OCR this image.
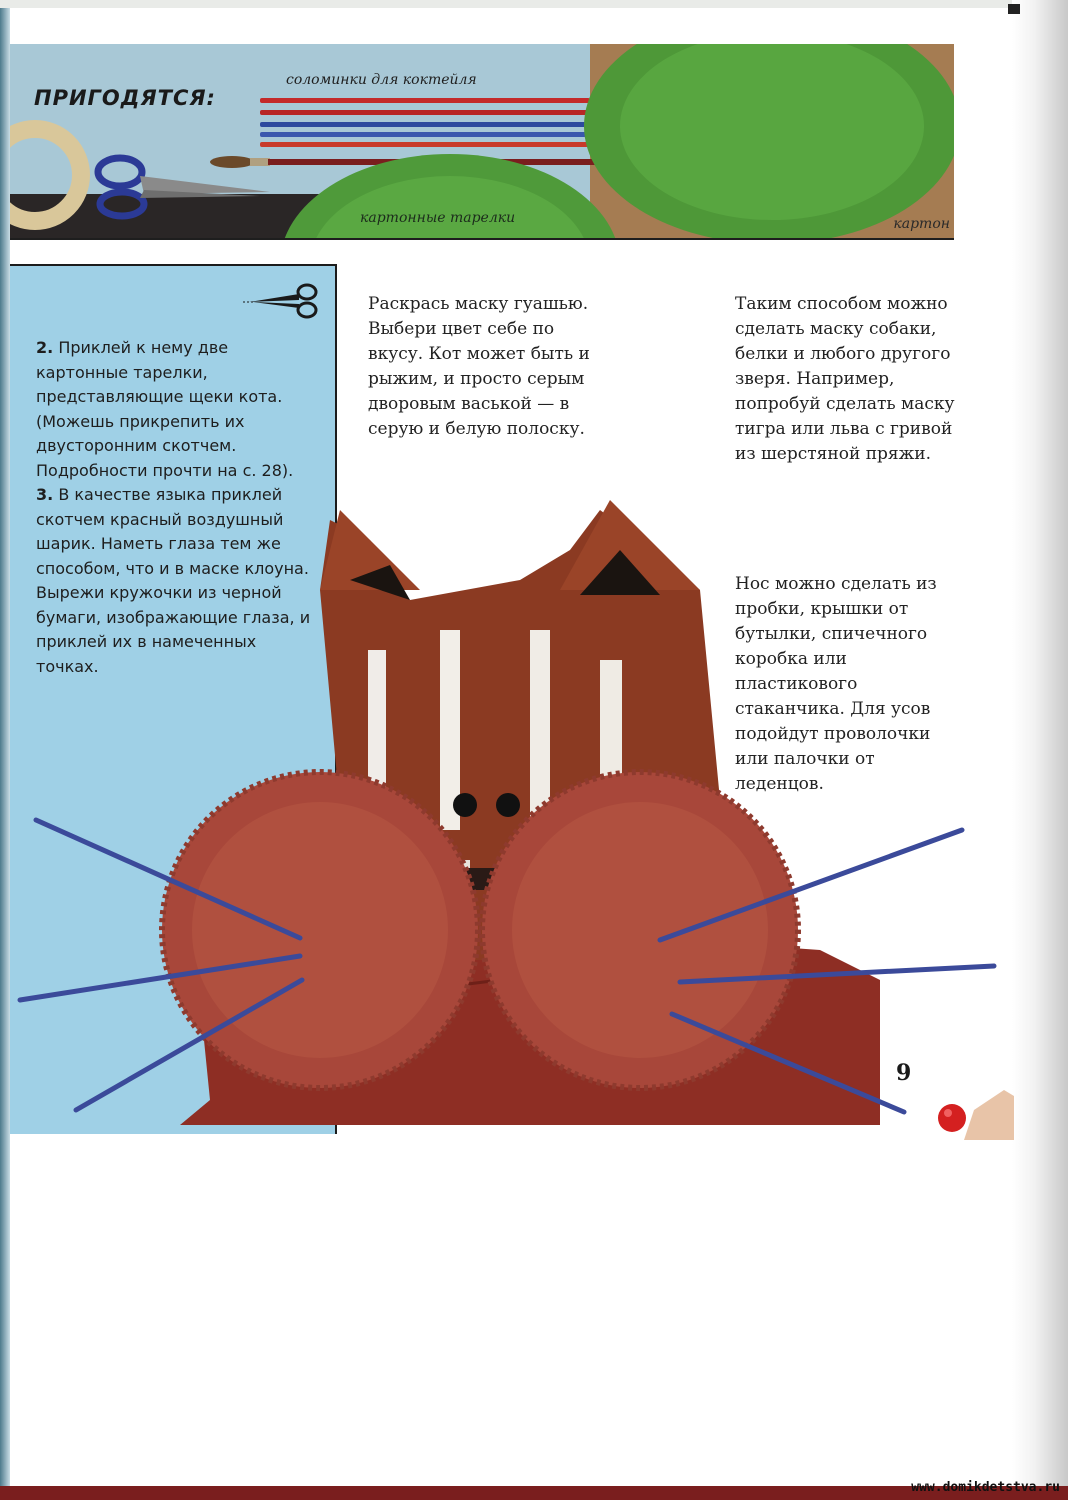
ПРИГОДЯТСЯ:
соломинки для коктейля
картонные тарелки	картон

2. Приклей к нему две картонные тарелки, представляющие щеки кота. (Можешь прикрепить их двусторонним скотчем. Подробности прочти на с. 28).

3. В качестве языка приклей скотчем красный воздушный шарик. Наметь глаза тем же способом, что и в маске клоуна. Вырежи кружочки из черной бумаги, изображающие глаза, и приклей их в намеченных точках.

Раскрась маску гуашью. Выбери цвет себе по вкусу. Кот может быть и рыжим, и просто серым дворовым васькой — в серую и белую полоску.

Таким способом можно сделать маску собаки, белки и любого другого зверя. Например, попробуй сделать маску тигра или льва с гривой из шерстяной пряжи.

Нос можно сделать из пробки, крышки от бутылки, спичечного коробка или пластикового стаканчика. Для усов подойдут проволочки или палочки от леденцов.

9
www.domikdetstva.ru
